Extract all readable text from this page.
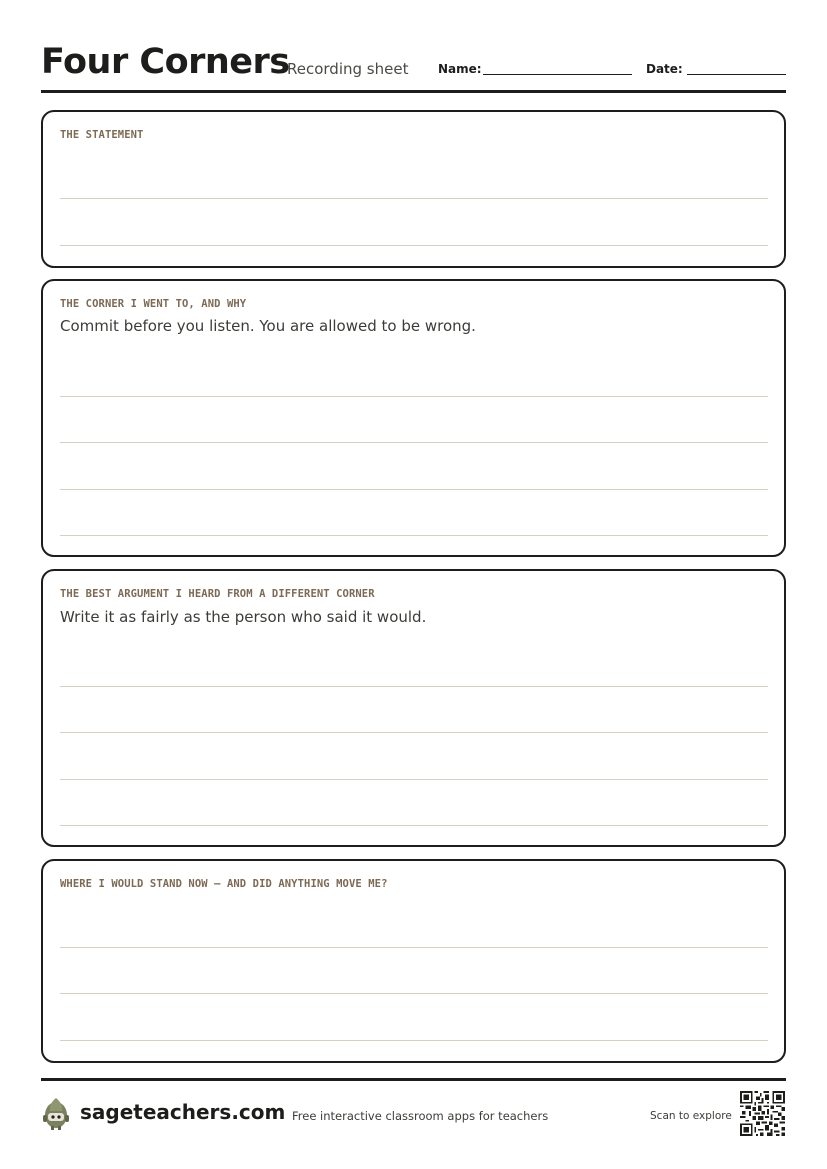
Four Corners
Recording sheet Name:	Date:
THE STATEMENT
THE CORNER I WENT TO, AND WHY
Commit before you listen. You are allowed to be wrong.
THE BEST ARGUMENT I HEARD FROM A DIFFERENT CORNER
Write it as fairly as the person who said it would.
WHERE I WOULD STAND NOW — AND DID ANYTHING MOVE ME?
sageteachers.com Free interactive classroom apps for teachers	Scan to explore
